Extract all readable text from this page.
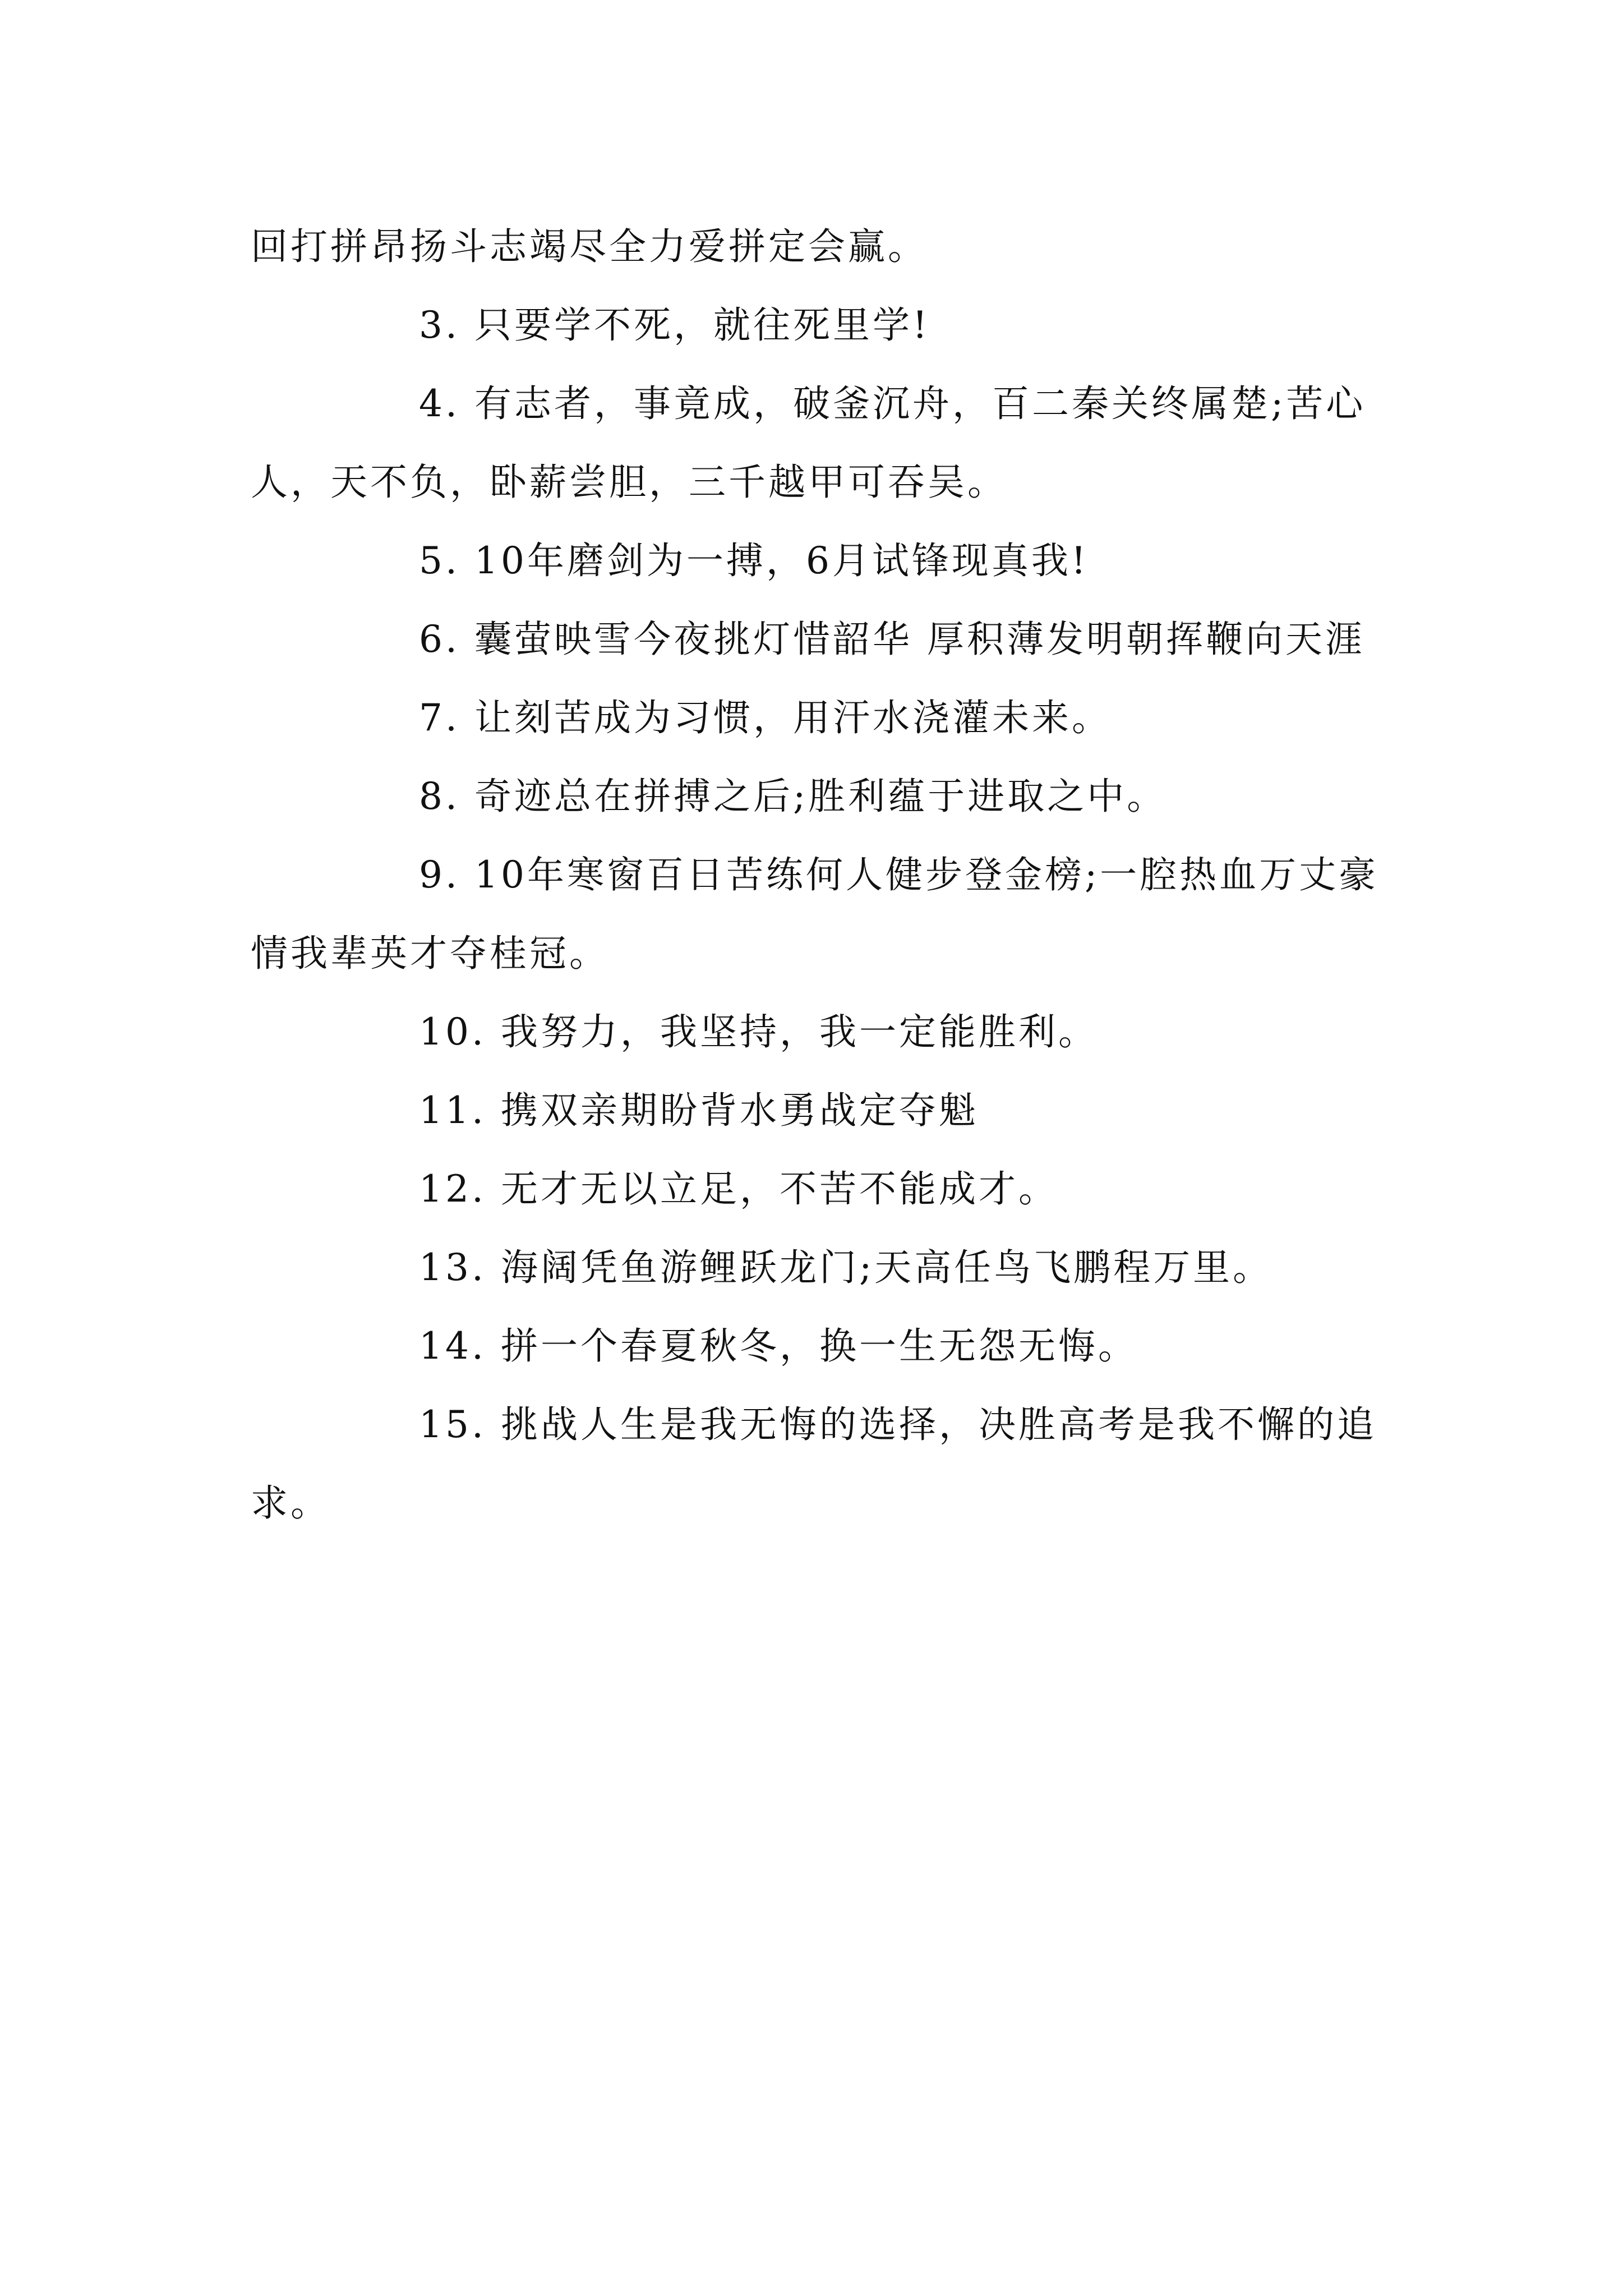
回打拼昂扬斗志竭尽全力爱拼定会赢。

3. 只要学不死，就往死里学!

4. 有志者，事竟成，破釜沉舟，百二秦关终属楚;苦心人，天不负，卧薪尝胆，三千越甲可吞吴。

5. 10年磨剑为一搏，6月试锋现真我!

6. 囊萤映雪今夜挑灯惜韶华 厚积薄发明朝挥鞭向天涯

7. 让刻苦成为习惯，用汗水浇灌未来。

8. 奇迹总在拼搏之后;胜利蕴于进取之中。

9. 10年寒窗百日苦练何人健步登金榜;一腔热血万丈豪情我辈英才夺桂冠。

10. 我努力，我坚持，我一定能胜利。

11. 携双亲期盼背水勇战定夺魁

12. 无才无以立足，不苦不能成才。

13. 海阔凭鱼游鲤跃龙门;天高任鸟飞鹏程万里。

14. 拼一个春夏秋冬，换一生无怨无悔。

15. 挑战人生是我无悔的选择，决胜高考是我不懈的追求。
